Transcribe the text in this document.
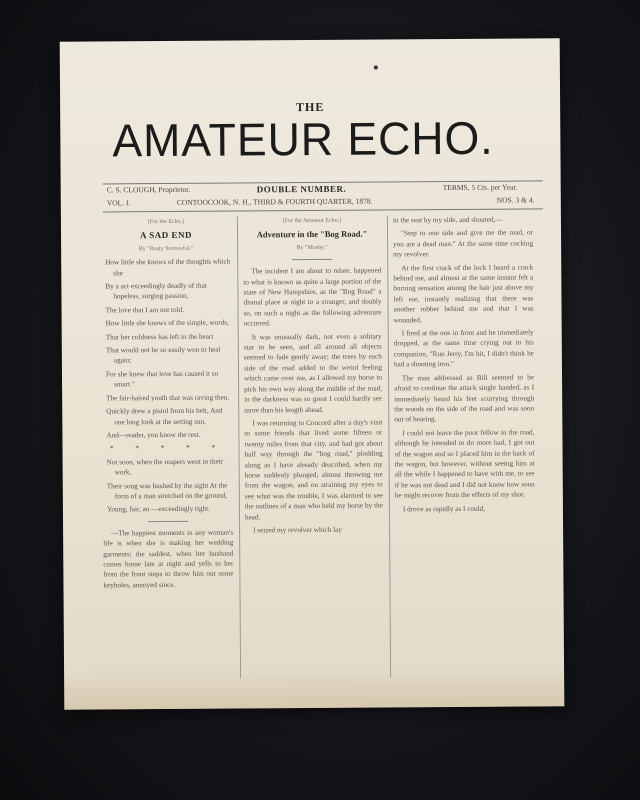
THE
AMATEUR ECHO.
C. S. CLOUGH, Proprietor.	DOUBLE NUMBER.	TERMS, 5 Cts. per Year.
VOL. I.	CONTOOCOOK, N. H., THIRD & FOURTH QUARTER, 1878.	NOS. 3 & 4.

[For the Echo.]

A SAD END

By "Rusty Sorrowful."

How little she knows of the thoughts which she

By a act exceedingly deadly of that hopeless, surging passion,

The love that I am not told.

How little she knows of the simple, words,

That her coldness has left in the heart

That would not be so easily won to heal again;

For she knew that love has caused it so smart."

The fair-haired youth that was raving then,

Quickly drew a pistol from his belt, And one long look at the setting sun,

And—reader, you know the rest.

* * * * *

Not soon, when the reapers went to their work,

Their song was hushed by the sight At the form of a man stretched on the ground,

Young, fair, an —exceedingly tight.

—The happiest moments in any woman's life is when she is making her wedding garments; the saddest, when her husband comes home late at night and yells to her from the front steps to throw him out some keyholes, annoyed since.

[For the Amateur Echo.]

Adventure in the "Bog Road."

By "Mosby."

The incident I am about to relate, happened to what is known as quite a large portion of the state of New Hampshire, as the "Bog Road" a dismal place at night to a stranger, and doubly so, on such a night as the following adventure occurred.

It was unusually dark, not even a solitary star to be seen, and all around all objects seemed to fade gently away; the trees by each side of the road added to the weird feeling which came over me, as I allowed my horse to pick his own way along the middle of the road, in the darkness was so great I could hardly see more than his length ahead.

I was returning to Concord after a day's visit to some friends that lived some fifteen or twenty miles from that city, and had got about half way through the "bog road," plodding along as I have already described, when my horse suddenly plunged, almost throwing me from the wagon, and on straining my eyes to see what was the trouble, I was alarmed to see the outlines of a man who held my horse by the head.

I seized my revolver which lay

in the seat by my side, and shouted,—

"Step to one side and give me the road, or you are a dead man." At the same time cocking my revolver.

At the first crack of the lock I heard a crack behind me, and almost at the same instant felt a burning sensation among the hair just above my left ear, instantly realizing that there was another robber behind me and that I was wounded.

I fired at the one in front and he immediately dropped, at the same time crying out to his companion, "Run Jerry, I'm hit, I didn't think he had a shooting iron."

The man addressed as Bill seemed to be afraid to continue the attack single handed, as I immediately heard his feet scurrying through the woods on the side of the road and was soon out of hearing.

I could not leave the poor fellow in the road, although he intended to do more bad, I got out of the wagon and so I placed him in the back of the wagon, but however, without seeing him at all the while I happened to have with me, to see if he was not dead and I did not know how soon he might recover from the effects of my shot.

I drove as rapidly as I could,
